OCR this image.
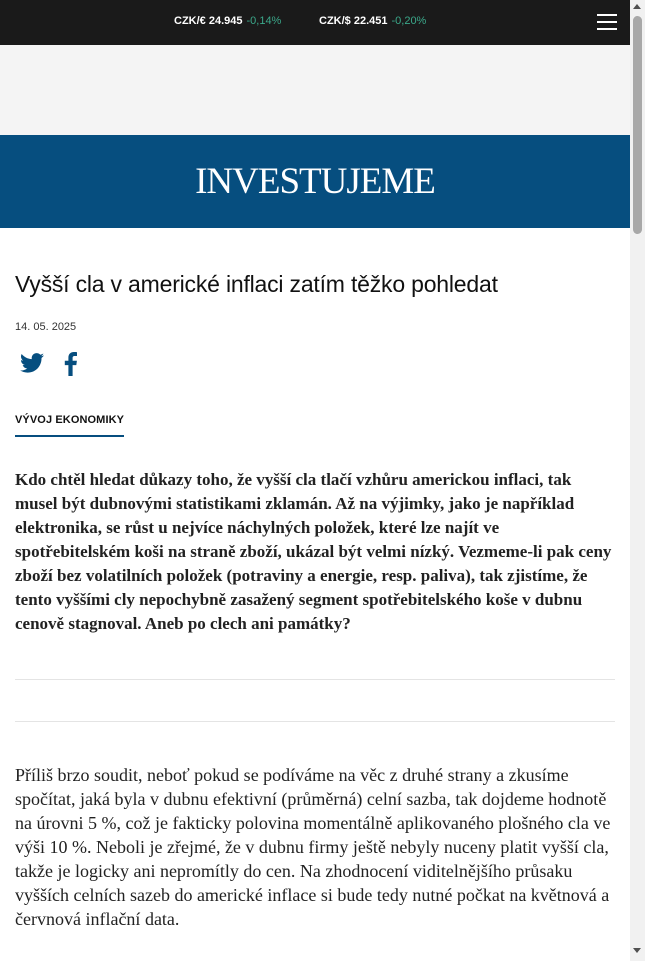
CZK/€ 24.945 -0,14%	CZK/$ 22.451 -0,20%
INVESTUJEME
Vyšší cla v americké inflaci zatím těžko pohledat
14. 05. 2025
VÝVOJ EKONOMIKY

Kdo chtěl hledat důkazy toho, že vyšší cla tlačí vzhůru americkou inflaci, tak musel být dubnovými statistikami zklamán. Až na výjimky, jako je například elektronika, se růst u nejvíce náchylných položek, které lze najít ve spotřebitelském koši na straně zboží, ukázal být velmi nízký. Vezmeme-li pak ceny zboží bez volatilních položek (potraviny a energie, resp. paliva), tak zjistíme, že tento vyššími cly nepochybně zasažený segment spotřebitelského koše v dubnu cenově stagnoval. Aneb po clech ani památky?

Příliš brzo soudit, neboť pokud se podíváme na věc z druhé strany a zkusíme spočítat, jaká byla v dubnu efektivní (průměrná) celní sazba, tak dojdeme hodnotě na úrovni 5 %, což je fakticky polovina momentálně aplikovaného plošného cla ve výši 10 %. Neboli je zřejmé, že v dubnu firmy ještě nebyly nuceny platit vyšší cla, takže je logicky ani nepromítly do cen. Na zhodnocení viditelnějšího průsaku vyšších celních sazeb do americké inflace si bude tedy nutné počkat na květnová a červnová inflační data.
